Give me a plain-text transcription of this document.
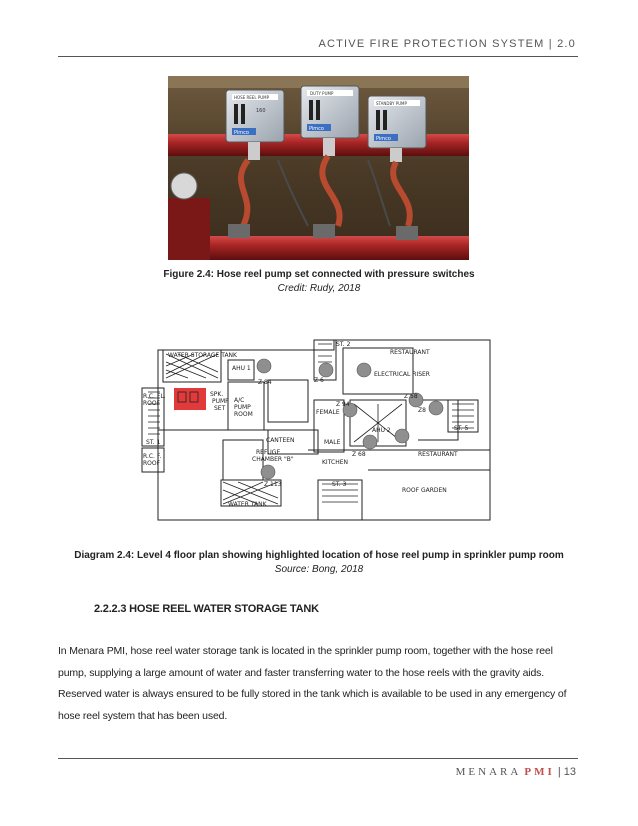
ACTIVE FIRE PROTECTION SYSTEM | 2.0
Pimco
160
HOSE REEL PUMP
Pimco
DUTY PUMP
Pimco
STANDBY PUMP
Figure 2.4: Hose reel pump set connected with pressure switches
Credit: Rudy, 2018
WATER STORAGE TANK
R.C. FL.
ROOF
SPK.
PUMP
SET
A/C
PUMP
ROOM
AHU 1
Z 84
ST. 2
RESTAURANT
ELECTRICAL RISER
Z 6
Z 94
FEMALE
MALE
AHU 2
Z 68
Z 58
Z8
ST. 5
ST. 1
R.C. F.
ROOF
CANTEEN
REFUGE
CHAMBER "B"	KITCHEN
RESTAURANT
Z 113	ST. 3
ROOF GARDEN
WATER TANK
Diagram 2.4: Level 4 floor plan showing highlighted location of hose reel pump in sprinkler pump room
Source: Bong, 2018
2.2.2.3 HOSE REEL WATER STORAGE TANK
In Menara PMI, hose reel water storage tank is located in the sprinkler pump room, together with the hose reel pump, supplying a large amount of water and faster transferring water to the hose reels with the gravity aids. Reserved water is always ensured to be fully stored in the tank which is available to be used in any emergency of hose reel system that has been used.
MENARA PMI | 13
